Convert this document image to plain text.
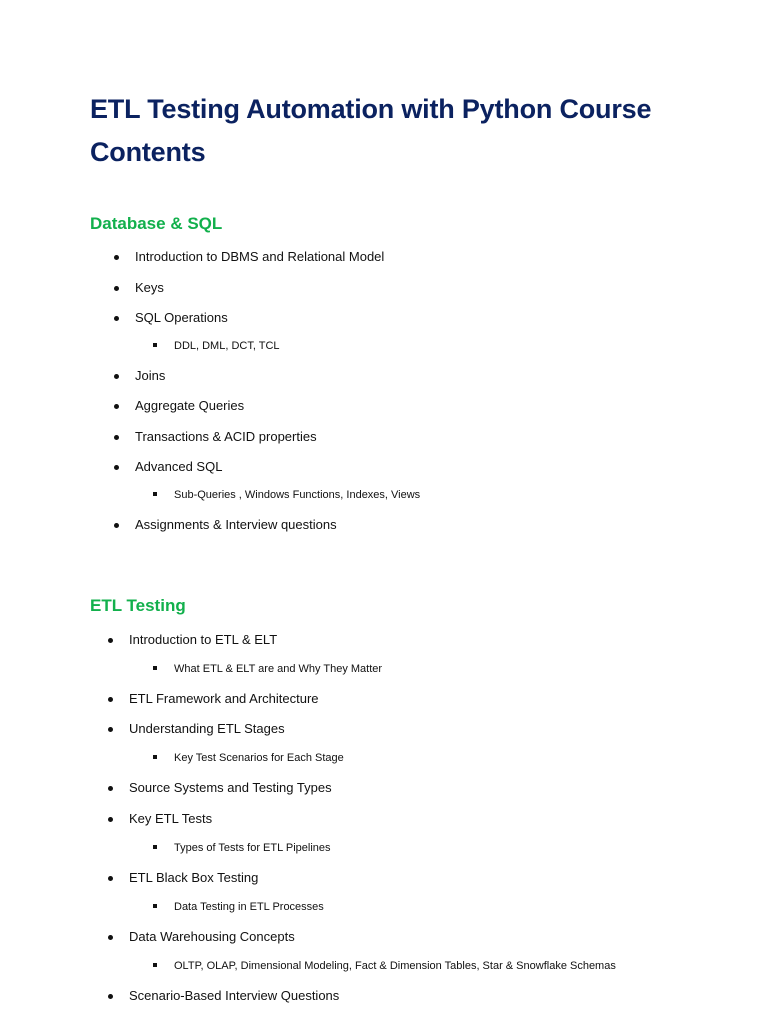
ETL Testing Automation with Python Course Contents
Database & SQL
Introduction to DBMS and Relational Model
Keys
SQL Operations
DDL, DML, DCT, TCL
Joins
Aggregate Queries
Transactions & ACID properties
Advanced SQL
Sub-Queries , Windows Functions, Indexes, Views
Assignments & Interview questions
ETL Testing
Introduction to ETL & ELT
What ETL & ELT are and Why They Matter
ETL Framework and Architecture
Understanding ETL Stages
Key Test Scenarios for Each Stage
Source Systems and Testing Types
Key ETL Tests
Types of Tests for ETL Pipelines
ETL Black Box Testing
Data Testing in ETL Processes
Data Warehousing Concepts
OLTP, OLAP, Dimensional Modeling, Fact & Dimension Tables, Star & Snowflake Schemas
Scenario-Based Interview Questions
